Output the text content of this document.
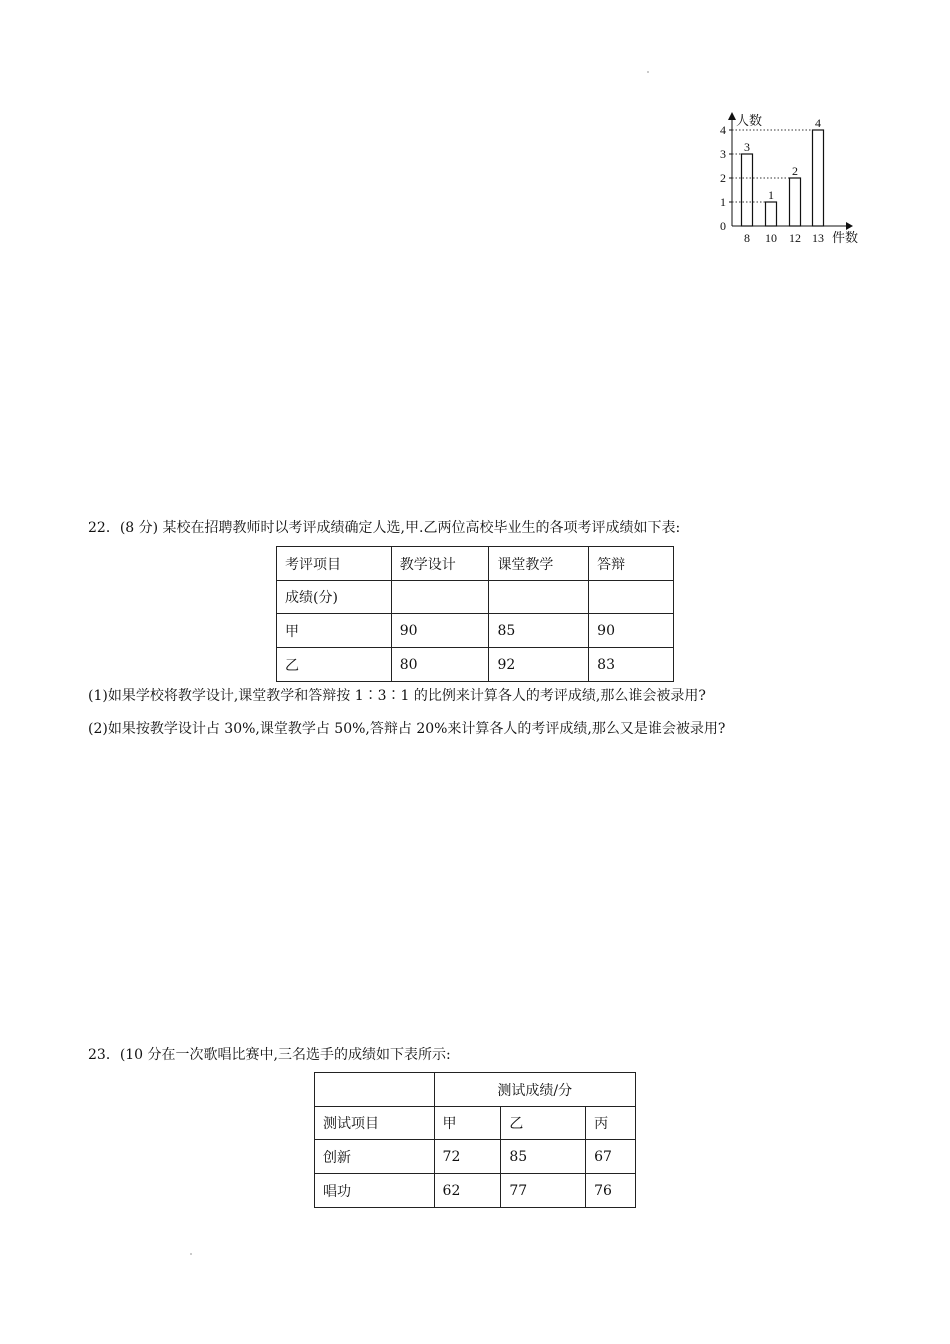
人数
件数
0
1
2
3
4
3
8
1
10
2
12
4
13
22．(8 分) 某校在招聘教师时以考评成绩确定人选,甲.乙两位高校毕业生的各项考评成绩如下表:
考评项目	教学设计	课堂教学	答辩
成绩(分)			
甲	90	85	90
乙	80	92	83
(1)如果学校将教学设计,课堂教学和答辩按 1∶3∶1 的比例来计算各人的考评成绩,那么谁会被录用?
(2)如果按教学设计占 30%,课堂教学占 50%,答辩占 20%来计算各人的考评成绩,那么又是谁会被录用?
23．(10 分在一次歌唱比赛中,三名选手的成绩如下表所示:
	测试成绩/分		
测试项目	甲	乙	丙
创新	72	85	67
唱功	62	77	76
